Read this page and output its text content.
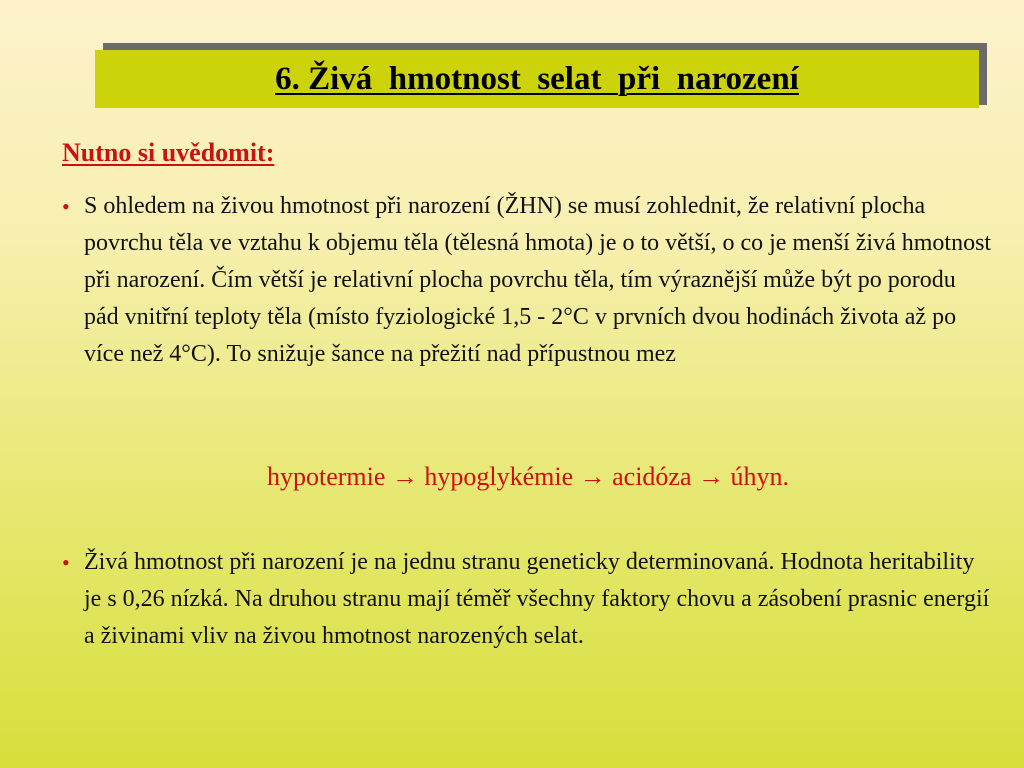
6. Živá  hmotnost  selat  při  narození
Nutno si uvědomit:
• S ohledem na živou hmotnost při narození (ŽHN) se musí zohlednit, že relativní plocha povrchu těla ve vztahu k objemu těla (tělesná hmota) je o to větší, o co je menší živá hmotnost při narození. Čím větší je relativní plocha povrchu těla, tím výraznější může být po porodu pád vnitřní teploty těla (místo fyziologické 1,5 - 2°C v prvních dvou hodinách života až po více než 4°C). To snižuje šance na přežití nad přípustnou mez
hypotermie → hypoglykémie → acidóza → úhyn.
• Živá hmotnost při narození je na jednu stranu geneticky determinovaná. Hodnota heritability je s 0,26 nízká. Na druhou stranu mají téměř všechny faktory chovu a zásobení prasnic energií a živinami vliv na živou hmotnost narozených selat.
